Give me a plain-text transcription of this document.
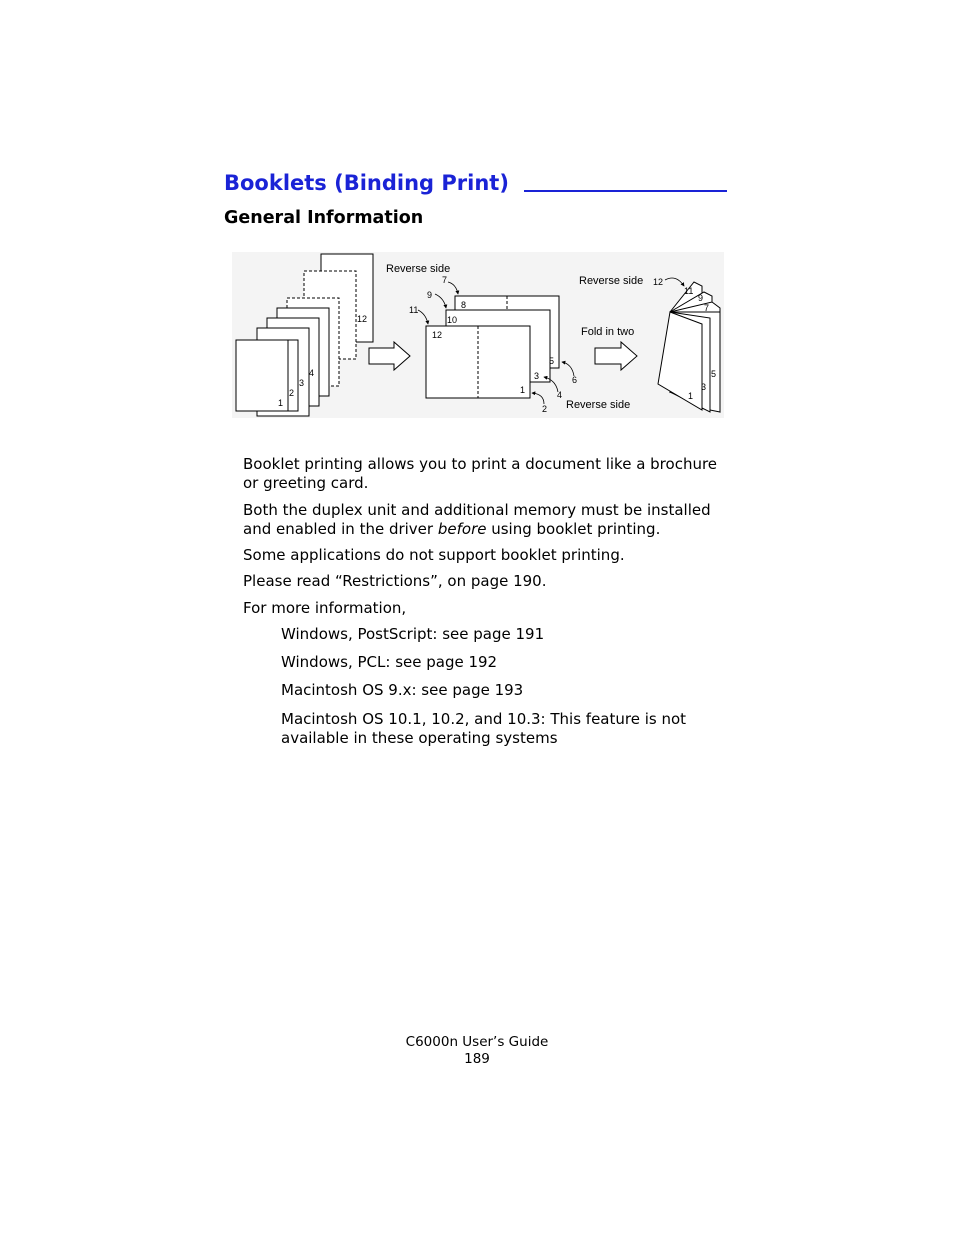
Booklets (Binding Print)
General Information
12
4
3
2
1
Reverse side
7
9
11	8
10
12
5
3
1
6
4
2 Reverse side
Fold in two
Reverse side 12
11
9
7
5
3
1

Booklet printing allows you to print a document like a brochure or greeting card.

Both the duplex unit and additional memory must be installed and enabled in the driver before using booklet printing.

Some applications do not support booklet printing.

Please read “Restrictions”, on page 190.

For more information,

Windows, PostScript: see page 191

Windows, PCL: see page 192

Macintosh OS 9.x: see page 193

Macintosh OS 10.1, 10.2, and 10.3: This feature is not available in these operating systems

C6000n User’s Guide
189
